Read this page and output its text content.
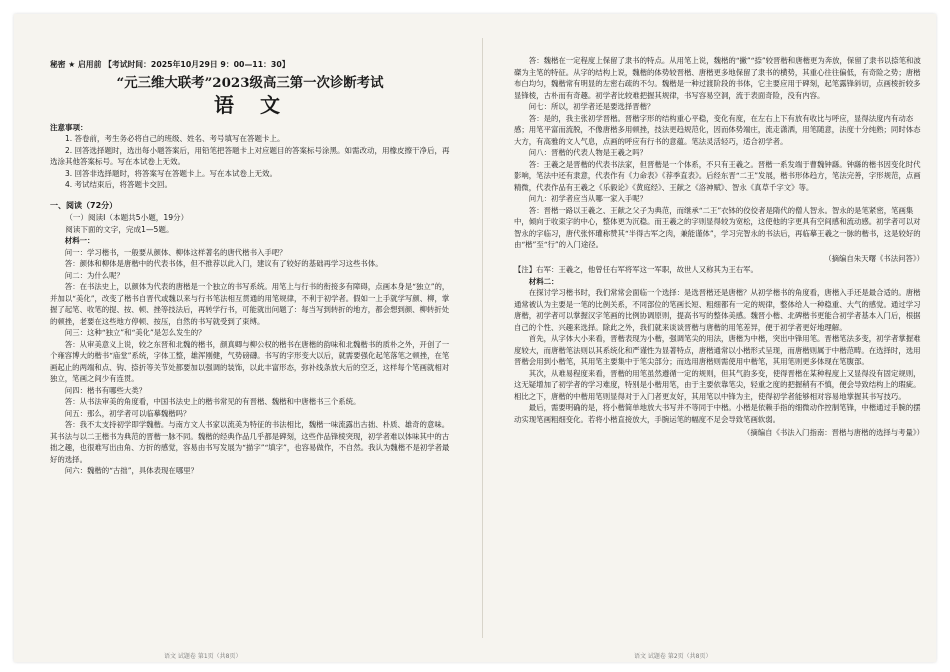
秘密 ★ 启用前 【考试时间：2025年10月29日 9：00—11：30】

“元三维大联考”2023级高三第一次诊断考试

语文

注意事项：

1. 答卷前，考生务必将自己的班级、姓名、考号填写在答题卡上。

2. 回答选择题时，选出每小题答案后，用铅笔把答题卡上对应题目的答案标号涂黑。如需改动，用橡皮擦干净后，再选涂其他答案标号。写在本试卷上无效。

3. 回答非选择题时，将答案写在答题卡上。写在本试卷上无效。

4. 考试结束后，将答题卡交回。

一、阅读（72分）

（一）阅读Ⅰ（本题共5小题，19分）

阅读下面的文字，完成1—5题。

材料一：

问一：学习楷书，一般要从颜体、柳体这样著名的唐代楷书入手吧？

答：颜体和柳体是唐楷中的代表书体，但不推荐以此入门，建议有了较好的基础再学习这些书体。

问二：为什么呢？

答：在书法史上，以颜体为代表的唐楷是一个独立的书写系统。用笔上与行书的衔接多有障碍，点画本身是“独立”的，并加以“美化”，改变了楷书自晋代或魏以来与行书笔法相互贯通的用笔规律，不利于初学者。假如一上手就学写颜、柳，掌握了起笔、收笔的提、按、顿、挫等技法后，再转学行书，可能就出问题了：每当写到转折的地方，都会想到颜、柳转折处的顿挫，老要在这些地方停顿、按压，自然的书写就受到了束缚。

问三：这种“独立”和“美化”是怎么发生的？

答：从审美意义上说，较之东晋和北魏的楷书，颜真卿与柳公权的楷书在唐楷的韵味和北魏楷书的质朴之外，开创了一个雍容博大的楷书“庙堂”系统，字体工整，雄浑刚健，气势磅礴。书写的字形变大以后，就需要强化起笔落笔之顿挫，在笔画起止的两端和点、钩、捺折等关节处都要加以强调的装饰，以此丰富形态，弥补线条放大后的空乏，这样每个笔画就相对独立，笔画之间少有连贯。

问四：楷书有哪些大类？

答：从书法审美的角度看，中国书法史上的楷书常见的有晋楷、魏楷和中唐楷书三个系统。

问五：那么，初学者可以临摹魏楷吗？

答：我不太支持初学即学魏楷。与南方文人书家以流美为特征的书法相比，魏楷一味流露出古拙、朴质、雄奇的意味。其书法与以二王楷书为典范的晋楷一脉不同。魏楷的经典作品几乎都是碑刻，这些作品锋棱突现，初学者难以体味其中的古拙之趣，也很难写出由角、方折的感觉，容易由书写发展为“描字”“填字”，也容易做作，不自然。我认为魏楷不是初学者最好的选择。

问六：魏楷的“古拙”，具体表现在哪里？

答：魏楷在一定程度上保留了隶书的特点。从用笔上说，魏楷的“撇”“捺”较晋楷和唐楷更为奔放，保留了隶书以捺笔和波磔为主笔的特征。从字的结构上说，魏楷的体势较晋楷、唐楷更多地保留了隶书的横势，其重心往往偏低，有奇险之势；唐楷布白均匀，魏楷常有明显的左密右疏的不匀。魏楷是一种过渡阶段的书体，它主要应用于碑刻，起笔露锋斜切，点画棱折较多显锋棱，古朴而有奇趣。初学者比较难把握其规律，书写容易空洞，流于表面奇险，没有内容。

问七：所以，初学者还是要选择晋楷？

答：是的，我主张初学晋楷。晋楷字形的结构重心平稳，变化有度，在左右上下有放有收比与呼应，显得法度内有动态感；用笔平富而流脱，不像唐楷多用顿挫，技法更趋规范化，因而体势端庄，流走潇洒，用笔随意，法度十分纯熟；同时体态大方，有高雅的文人气息，点画的呼应有行书的意蕴。笔法灵活轻巧，适合初学者。

问八：晋楷的代表人物是王羲之吗？

答：王羲之是晋楷的代表书法家，但晋楷是一个体系，不只有王羲之。晋楷一系发端于曹魏钟繇。钟繇的楷书因变化时代影响，笔法中还有隶意，代表作有《力命表》《荐季直表》。后经东晋“二王”发展，楷书形体趋方，笔法完善，字形规范，点画精微，代表作品有王羲之《乐毅论》《黄庭经》、王献之《洛神赋》、智永《真草千字文》等。

问九：初学者应当从哪一家入手呢？

答：晋楷一路以王羲之、王献之父子为典范，而继承“二王”衣钵的佼佼者是隋代的僧人智永。智永的是笔紧密，笔画集中，倾向于收束字的中心，整体更为沉稳。而王羲之的字则显得较为宽松，这使他的字更具有空间感和流动感。初学者可以对智永的字临习，唐代张怀瓘称赞其“半得古军之肉，兼能谨体”，学习完智永的书法后，再临摹王羲之一脉的楷书，这是较好的由“楷”至“行”的入门途径。

（摘编自朱天曙《书法问答》）

【注】右军：王羲之，他曾任右军将军这一军职，故世人又称其为王右军。

材料二：

在探讨学习楷书时，我们常常会面临一个选择：是选晋楷还是唐楷？从初学楷书的角度看，唐楷入手还是最合适的。唐楷通常被认为主要是一笔的比例关系，不同部位的笔画长短、粗细都有一定的规律，整体给人一种稳重、大气的感觉。通过学习唐楷，初学者可以掌握汉字笔画的比例协调原则，提高书写的整体美感。魏晋小楷、北碑楷书更能合初学者基本入门后，根据自己的个性、兴趣来选择。除此之外，我们就来谈谈晋楷与唐楷的用笔差异，便于初学者更好地理解。

首先，从字体大小来看，晋楷表现为小楷，强调笔尖的用法，唐楷为中楷，突出中锋用笔。晋楷笔法多变，初学者掌握难度较大，而唐楷笔法则以其系统化和严谨性为显著特点，唐楷通常以小楷形式呈现，而唐楷则属于中楷范畴。在选择时，选用晋楷会用到小楷笔，其用笔主要集中于笔尖部分；而选用唐楷则需使用中楷笔，其用笔则更多体现在笔腹部。

其次，从难易程度来看，晋楷的用笔虽然遵循一定的规则，但其气韵多变，使得晋楷在某种程度上又显得没有固定规则，这无疑增加了初学者的学习难度，特别是小楷用笔，由于主要依靠笔尖，轻重之度的把握稍有不慎，便会导致结构上的瑕疵。相比之下，唐楷的中楷用笔则显得对于入门者更友好，其用笔以中锋为主，使得初学者能够相对容易地掌握其书写技巧。

最后，需要明确的是，将小楷简单地放大书写并不等同于中楷。小楷是依赖手指的细微动作控制笔锋，中楷通过手腕的摆动实现笔画粗细变化。若将小楷直接放大，手腕运笔的幅度不足会导致笔画软弱。

（摘编自《书法入门指南：晋楷与唐楷的选择与考量》）

语文 试题卷 第1页（共8页）	语文 试题卷 第2页（共8页）
